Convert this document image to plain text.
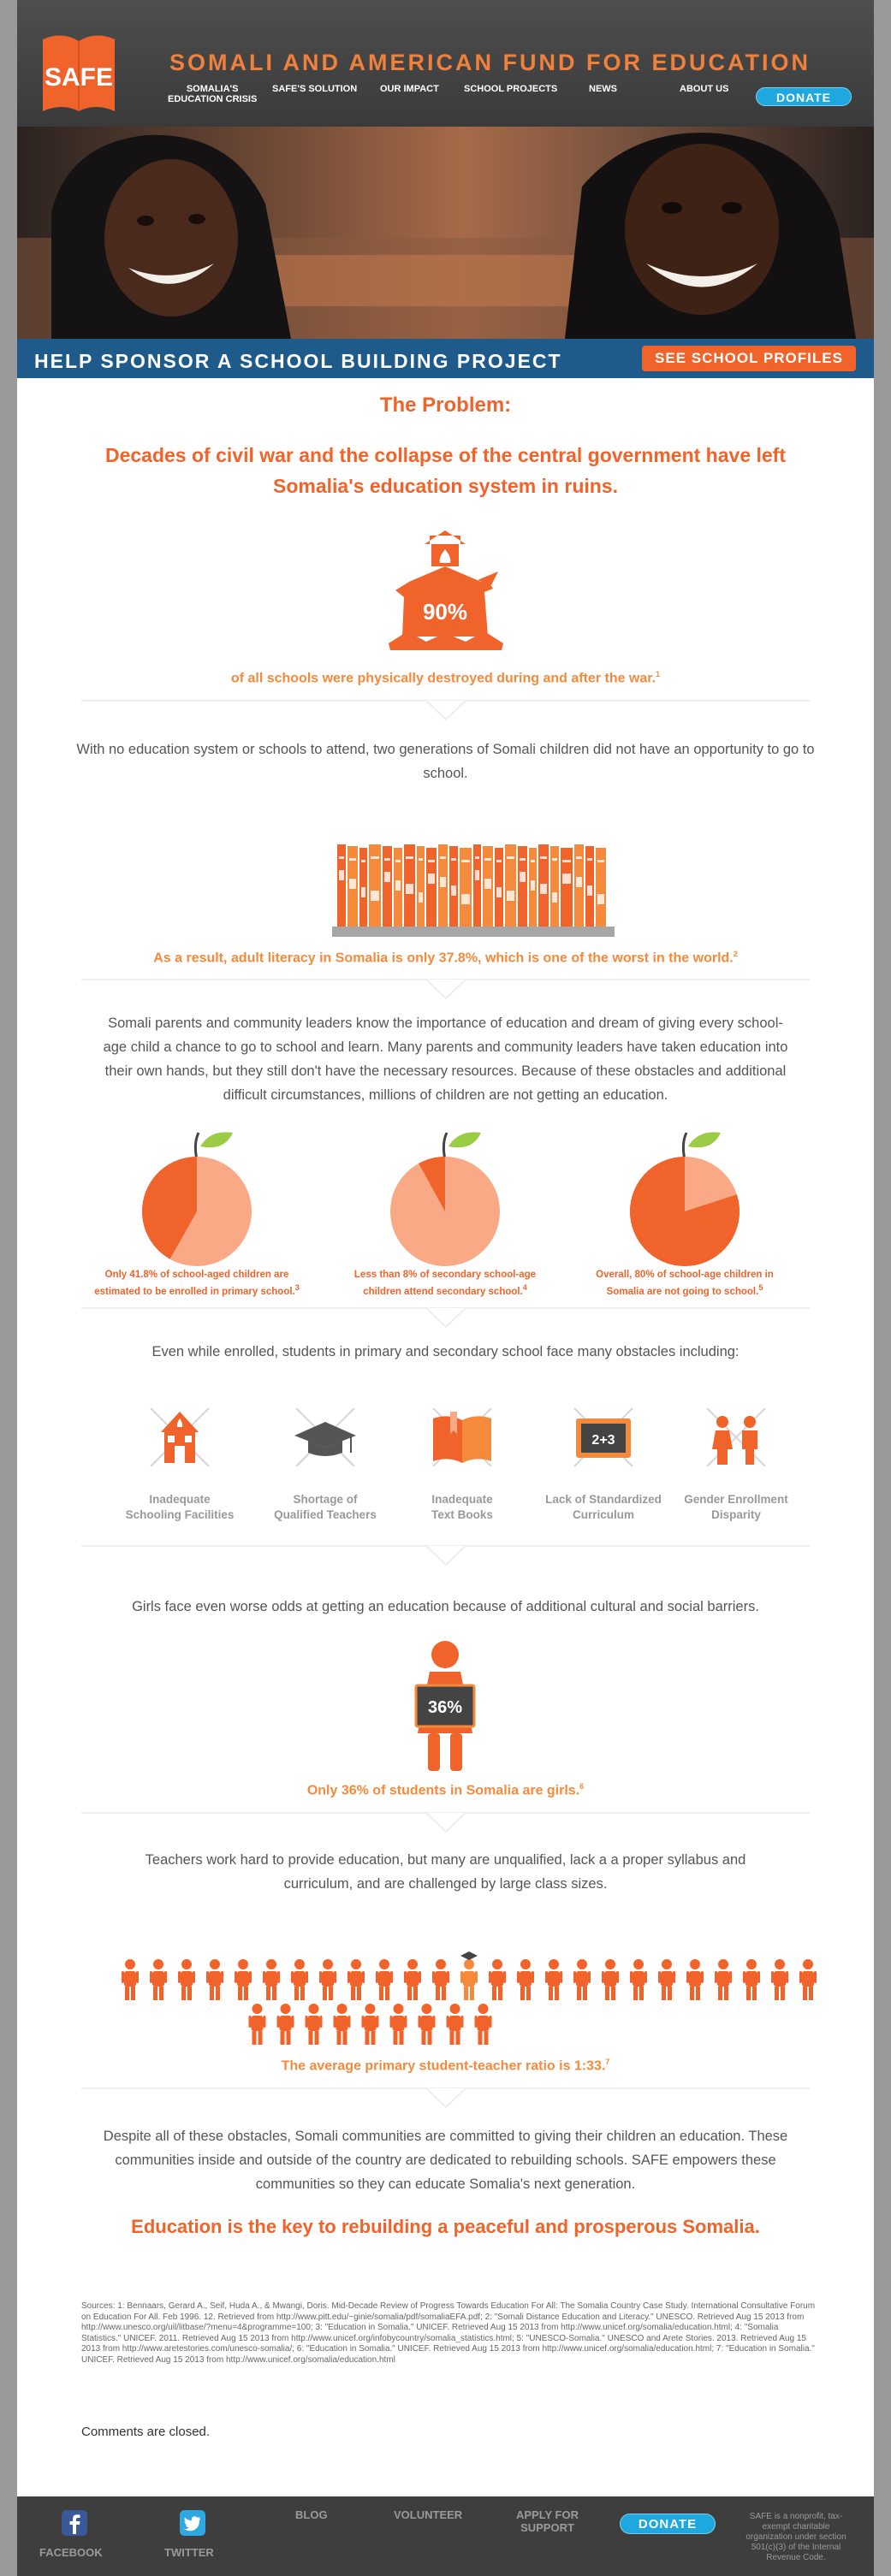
SAFE
SOMALI AND AMERICAN FUND FOR EDUCATION
SOMALIA'S
EDUCATION CRISIS
SAFE'S SOLUTION OUR IMPACT	SCHOOL PROJECTS	NEWS	ABOUT US
DONATE
HELP SPONSOR A SCHOOL BUILDING PROJECT	SEE SCHOOL PROFILES
The Problem:
Decades of civil war and the collapse of the central government have left Somalia's education system in ruins.
90%
of all schools were physically destroyed during and after the war.$^1$
With no education system or schools to attend, two generations of Somali children did not have an opportunity to go to school.
As a result, adult literacy in Somalia is only 37.8%, which is one of the worst in the world.$^2$
Somali parents and community leaders know the importance of education and dream of giving every school-age child a chance to go to school and learn. Many parents and community leaders have taken education into their own hands, but they still don't have the necessary resources. Because of these obstacles and additional difficult circumstances, millions of children are not getting an education.
Only 41.8% of school-aged children are estimated to be enrolled in primary school.$^3$
Less than 8% of secondary school-age children attend secondary school.$^4$
Overall, 80% of school-age children in Somalia are not going to school.$^5$
Even while enrolled, students in primary and secondary school face many obstacles including:
2+3
Inadequate
Schooling Facilities
Shortage of
Qualified Teachers
Inadequate
Text Books
Lack of Standardized
Curriculum
Gender Enrollment
Disparity
Girls face even worse odds at getting an education because of additional cultural and social barriers.
36%
Only 36% of students in Somalia are girls.$^6$
Teachers work hard to provide education, but many are unqualified, lack a a proper syllabus and curriculum, and are challenged by large class sizes.
The average primary student-teacher ratio is 1:33.$^7$
Despite all of these obstacles, Somali communities are committed to giving their children an education. These communities inside and outside of the country are dedicated to rebuilding schools. SAFE empowers these communities so they can educate Somalia's next generation.
Education is the key to rebuilding a peaceful and prosperous Somalia.
Sources: 1: Bennaars, Gerard A., Seif, Huda A., & Mwangi, Doris. Mid-Decade Review of Progress Towards Education For All: The Somalia Country Case Study. International Consultative Forum on Education For All. Feb 1996. 12. Retrieved from http://www.pitt.edu/~ginie/somalia/pdf/somaliaEFA.pdf; 2: "Somali Distance Education and Literacy." UNESCO. Retrieved Aug 15 2013 from http://www.unesco.org/uil/litbase/?menu=4&programme=100; 3: "Education in Somalia." UNICEF. Retrieved Aug 15 2013 from http://www.unicef.org/somalia/education.html; 4: "Somalia Statistics." UNICEF. 2011. Retrieved Aug 15 2013 from http://www.unicef.org/infobycountry/somalia_statistics.html; 5: "UNESCO-Somalia." UNESCO and Arete Stories. 2013. Retrieved Aug 15 2013 from http://www.aretestories.com/unesco-somalia/; 6: "Education in Somalia." UNICEF. Retrieved Aug 15 2013 from http://www.unicef.org/somalia/education.html; 7: "Education in Somalia." UNICEF. Retrieved Aug 15 2013 from http://www.unicef.org/somalia/education.html
Comments are closed.
FACEBOOK	TWITTER
BLOG	VOLUNTEER	APPLY FOR
SUPPORT	DONATE
SAFE is a nonprofit, tax-exempt charitable organization under section 501(c)(3) of the Internal Revenue Code.
